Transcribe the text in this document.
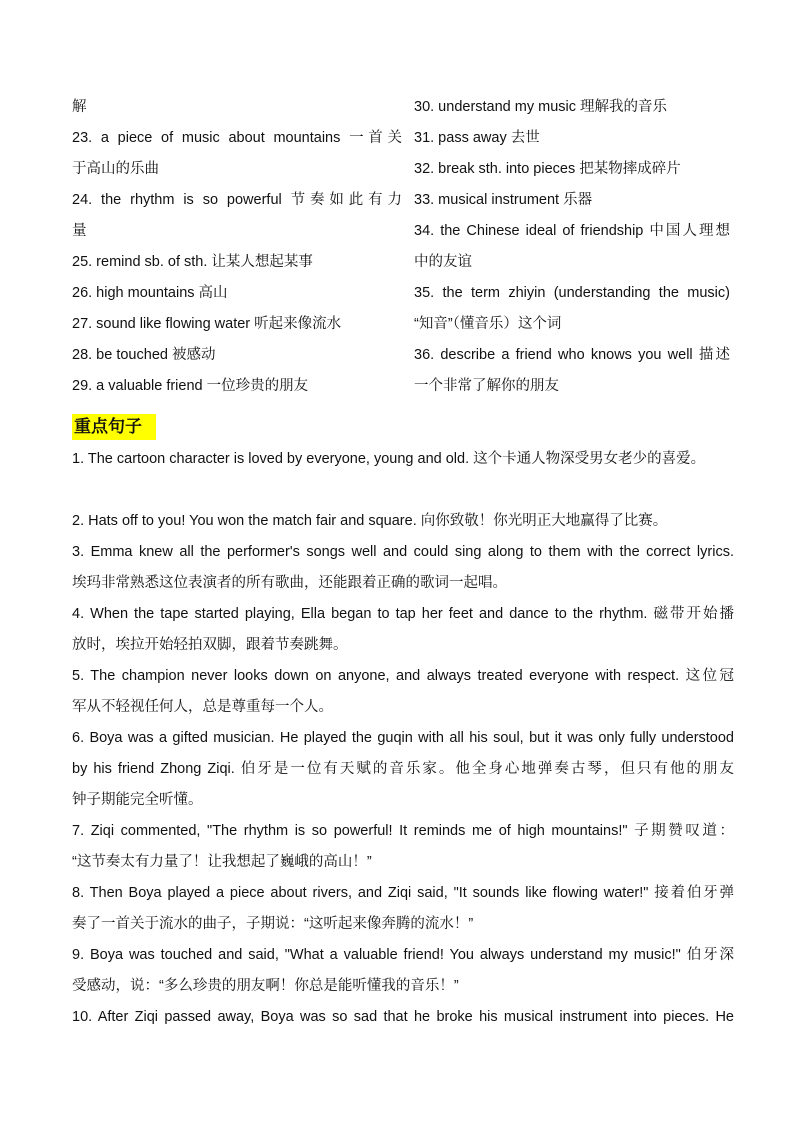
解
23. a piece of music about mountains 一首关
于高山的乐曲
24. the rhythm is so powerful 节奏如此有力
量
25. remind sb. of sth. 让某人想起某事
26. high mountains 高山
27. sound like flowing water 听起来像流水
28. be touched 被感动
29. a valuable friend 一位珍贵的朋友
30. understand my music 理解我的音乐
31. pass away 去世
32. break sth. into pieces 把某物摔成碎片
33. musical instrument 乐器
34. the Chinese ideal of friendship 中国人理想
中的友谊
35. the term zhiyin (understanding the music)
“知音”（懂音乐）这个词
36. describe a friend who knows you well 描述
一个非常了解你的朋友
重点句子
1. The cartoon character is loved by everyone, young and old. 这个卡通人物深受男女老少的喜爱。
2. Hats off to you! You won the match fair and square. 向你致敬！你光明正大地赢得了比赛。
3. Emma knew all the performer's songs well and could sing along to them with the correct lyrics.
埃玛非常熟悉这位表演者的所有歌曲，还能跟着正确的歌词一起唱。
4. When the tape started playing, Ella began to tap her feet and dance to the rhythm. 磁带开始播
放时，埃拉开始轻拍双脚，跟着节奏跳舞。
5. The champion never looks down on anyone, and always treated everyone with respect. 这位冠
军从不轻视任何人，总是尊重每一个人。
6. Boya was a gifted musician. He played the guqin with all his soul, but it was only fully understood
by his friend Zhong Ziqi. 伯牙是一位有天赋的音乐家。他全身心地弹奏古琴，但只有他的朋友
钟子期能完全听懂。
7. Ziqi commented, "The rhythm is so powerful! It reminds me of high mountains!" 子期赞叹道：
“这节奏太有力量了！让我想起了巍峨的高山！”
8. Then Boya played a piece about rivers, and Ziqi said, "It sounds like flowing water!" 接着伯牙弹
奏了一首关于流水的曲子，子期说：“这听起来像奔腾的流水！”
9. Boya was touched and said, "What a valuable friend! You always understand my music!" 伯牙深
受感动，说：“多么珍贵的朋友啊！你总是能听懂我的音乐！”
10. After Ziqi passed away, Boya was so sad that he broke his musical instrument into pieces. He
